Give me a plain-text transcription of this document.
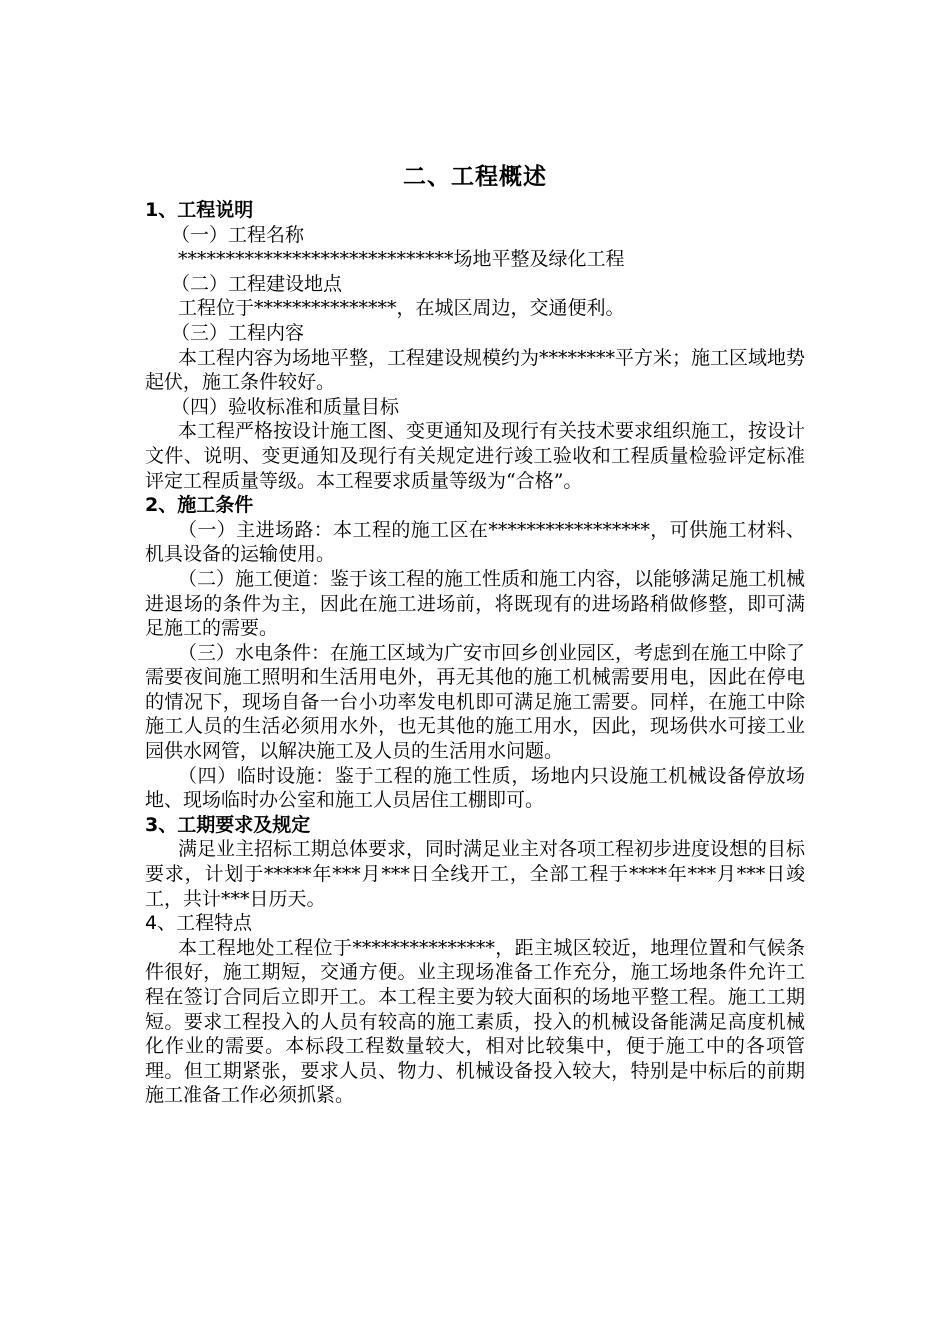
二、工程概述

1、工程说明

（一）工程名称

*****************************场地平整及绿化工程

（二）工程建设地点

工程位于***************，在城区周边，交通便利。

（三）工程内容

本工程内容为场地平整，工程建设规模约为********平方米；施工区域地势起伏，施工条件较好。

（四）验收标准和质量目标

本工程严格按设计施工图、变更通知及现行有关技术要求组织施工，按设计文件、说明、变更通知及现行有关规定进行竣工验收和工程质量检验评定标准评定工程质量等级。本工程要求质量等级为“合格”。

2、施工条件

（一）主进场路：本工程的施工区在*****************，可供施工材料、机具设备的运输使用。

（二）施工便道：鉴于该工程的施工性质和施工内容，以能够满足施工机械进退场的条件为主，因此在施工进场前，将既现有的进场路稍做修整，即可满足施工的需要。

（三）水电条件：在施工区域为广安市回乡创业园区，考虑到在施工中除了需要夜间施工照明和生活用电外，再无其他的施工机械需要用电，因此在停电的情况下，现场自备一台小功率发电机即可满足施工需要。同样，在施工中除施工人员的生活必须用水外，也无其他的施工用水，因此，现场供水可接工业园供水网管，以解决施工及人员的生活用水问题。

（四）临时设施：鉴于工程的施工性质，场地内只设施工机械设备停放场地、现场临时办公室和施工人员居住工棚即可。

3、工期要求及规定

满足业主招标工期总体要求，同时满足业主对各项工程初步进度设想的目标要求，计划于*****年***月***日全线开工，全部工程于****年***月***日竣工，共计***日历天。

4、工程特点

本工程地处工程位于***************，距主城区较近，地理位置和气候条件很好，施工期短，交通方便。业主现场准备工作充分，施工场地条件允许工程在签订合同后立即开工。本工程主要为较大面积的场地平整工程。施工工期短。要求工程投入的人员有较高的施工素质，投入的机械设备能满足高度机械化作业的需要。本标段工程数量较大，相对比较集中，便于施工中的各项管理。但工期紧张，要求人员、物力、机械设备投入较大，特别是中标后的前期施工准备工作必须抓紧。
